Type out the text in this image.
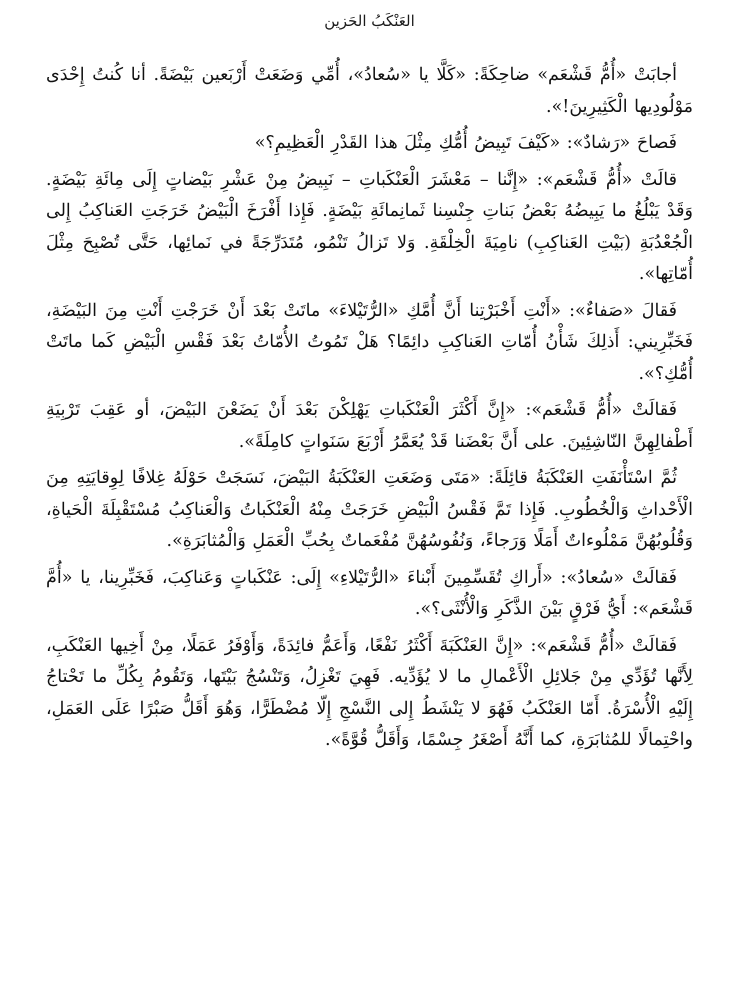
العَنْكَبُ الحَزين

أجابَتْ «أُمُّ قَشْعَم» ضاحِكَةً: «كَلَّا يا «سُعادُ»، أُمِّي وَضَعَتْ أَرْبَعين بَيْضَةً. أنا كُنتُ إِحْدَى مَوْلُودِيها الْكَثِيرِينَ!».

فَصاحَ «رَشادٌ»: «كَيْفَ تَبِيضُ أُمُّكِ مِثْلَ هذا القَدْرِ الْعَظِيمِ؟»

قالَتْ «أُمُّ قَشْعَم»: «إِنَّنا – مَعْشَرَ الْعَنْكَباتِ – نَبِيضُ مِنْ عَشْرِ بَيْضاتٍ إِلَى مِائَةِ بَيْضَةٍ. وَقَدْ يَبْلُغُ ما يَبِيضُهُ بَعْضُ بَناتِ جِنْسِنا ثَمانِمائَةِ بَيْضَةٍ. فَإِذا أَفْرَخَ الْبَيْضُ خَرَجَتِ العَناكِبُ إِلى الْجُعْدُبَةِ (بَيْتِ العَناكِبِ) نامِيَةَ الْخِلْقَةِ. وَلا تَزالُ تَنْمُو، مُتَدَرِّجَةً في نَمائِها، حَتَّى تُصْبِحَ مِثْلَ أُمّاتِها».

فَقالَ «صَفاءٌ»: «أَنْتِ أَخْبَرْتِنا أَنَّ أُمَّكِ «الرُّتَيْلاءَ» ماتَتْ بَعْدَ أَنْ خَرَجْتِ أَنْتِ مِنَ البَيْضَةِ، فَخَبِّرِيني: أَذلِكَ شَأْنُ أُمّاتِ العَناكِبِ دائِمًا؟ هَلْ تَمُوتُ الأُمّاتُ بَعْدَ فَقْسِ الْبَيْضِ كَما ماتَتْ أُمُّكِ؟».

فَقالَتْ «أُمُّ قَشْعَم»: «إِنَّ أَكْثَرَ الْعَنْكَباتِ يَهْلِكْنَ بَعْدَ أَنْ يَضَعْنَ البَيْضَ، أو عَقِبَ تَرْبِيَةِ أَطْفالِهِنَّ النّاشِئِينَ. على أَنَّ بَعْضَنا قَدْ يُعَمَّرُ أَرْبَعَ سَنَواتٍ كامِلَةً».

ثُمَّ اسْتَأْنَفَتِ العَنْكَبَةُ قائِلَةً: «مَتَى وَضَعَتِ العَنْكَبَةُ البَيْضَ، نَسَجَتْ حَوْلَهُ غِلافًا لِوِقايَتِهِ مِنَ الْأَحْداثِ وَالْخُطُوبِ. فَإِذا تَمَّ فَقْسُ الْبَيْضِ خَرَجَتْ مِنْهُ الْعَنْكَباتُ وَالْعَناكِبُ مُسْتَقْبِلَةَ الْحَياةِ، وَقُلُوبُهُنَّ مَمْلُوءاتٌ أَمَلًا وَرَجاءً، وَنُفُوسُهُنَّ مُفْعَماتٌ بِحُبِّ الْعَمَلِ وَالْمُثابَرَةِ».

فَقالَتْ «سُعادُ»: «أَراكِ تُقَسِّمِينَ أَبْناءَ «الرُّتَيْلاءِ» إِلَى: عَنْكَباتٍ وَعَناكِبَ، فَخَبِّرِينا، يا «أُمَّ قَشْعَم»: أَيُّ فَرْقٍ بَيْنَ الذَّكَرِ وَالْأُنْثَى؟».

فَقالَتْ «أُمُّ قَشْعَم»: «إِنَّ العَنْكَبَةَ أَكْثَرُ نَفْعًا، وَأَعَمُّ فائِدَةً، وَأَوْفَرُ عَمَلًا، مِنْ أَخِيها العَنْكَبِ، لِأَنَّها تُؤَدِّي مِنْ جَلائِلِ الْأَعْمالِ ما لا يُؤَدِّيه. فَهِيَ تَغْزِلُ، وَتَنْسُجُ بَيْتَها، وَتَقُومُ بِكُلِّ ما تَحْتاجُ إِلَيْهِ الْأُسْرَةُ. أَمّا العَنْكَبُ فَهُوَ لا يَنْشَطُ إِلى النَّسْجِ إِلّا مُضْطَرًّا، وَهُوَ أَقَلُّ صَبْرًا عَلَى العَمَلِ، واحْتِمالًا للمُثابَرَةِ، كما أَنَّهُ أَصْغَرُ جِسْمًا، وَأَقَلُّ قُوَّةً».
